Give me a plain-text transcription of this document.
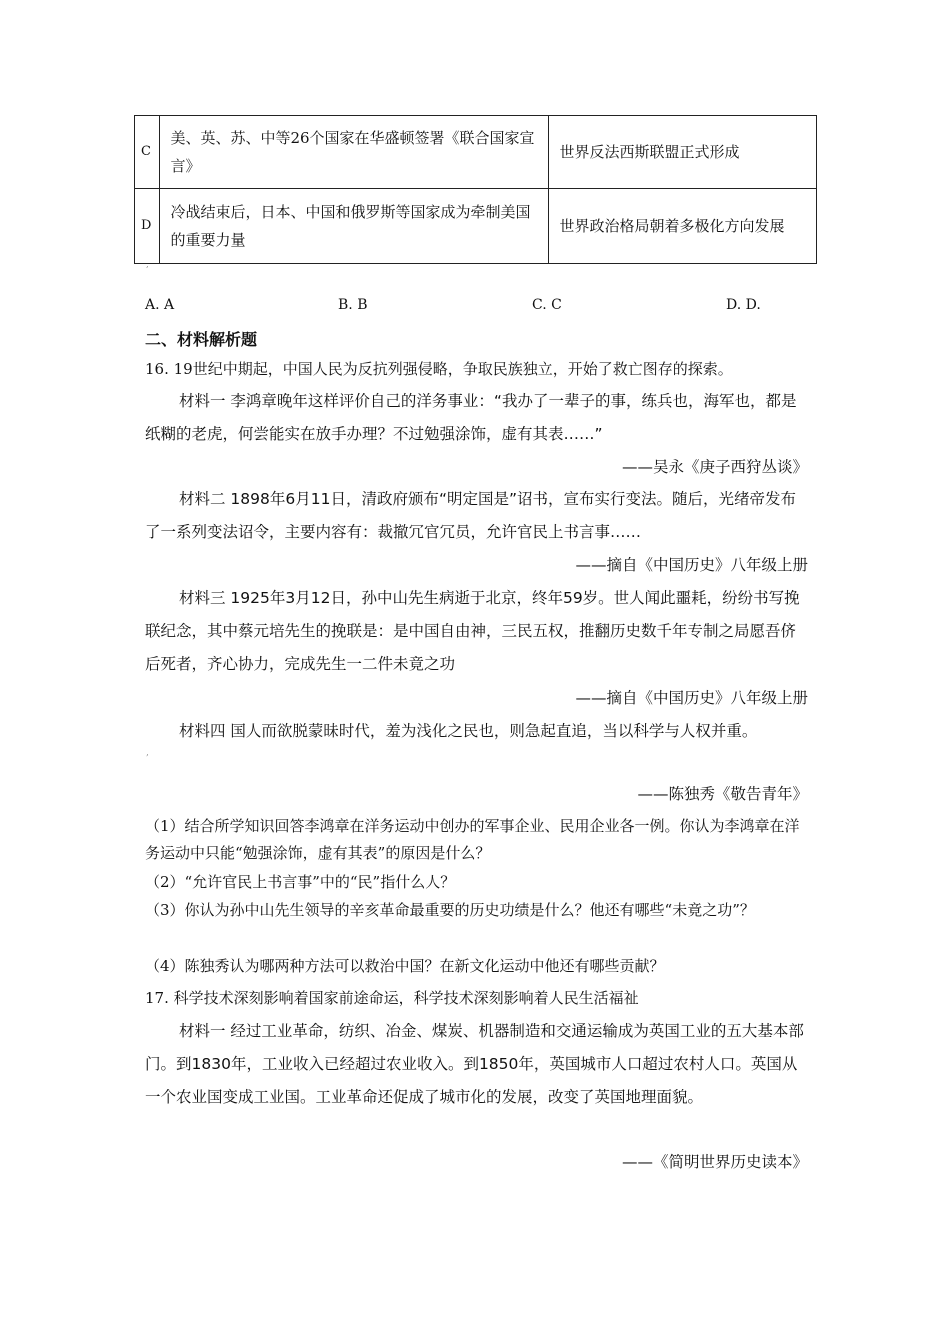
C	美、英、苏、中等26个国家在华盛顿签署《联合国家宣言》	世界反法西斯联盟正式形成
D	冷战结束后，日本、中国和俄罗斯等国家成为牵制美国的重要力量	世界政治格局朝着多极化方向发展
‚
A. A	B. B	C. C	D. D.
二、材料解析题
16. 19世纪中期起，中国人民为反抗列强侵略，争取民族独立，开始了救亡图存的探索。
材料一 李鸿章晚年这样评价自己的洋务事业：“我办了一辈子的事，练兵也，海军也，都是纸糊的老虎，何尝能实在放手办理？不过勉强涂饰，虚有其表……”
——吴永《庚子西狩丛谈》
材料二 1898年6月11日，清政府颁布“明定国是”诏书，宣布实行变法。随后，光绪帝发布了一系列变法诏令，主要内容有：裁撤冗官冗员，允许官民上书言事……
——摘自《中国历史》八年级上册
材料三 1925年3月12日，孙中山先生病逝于北京，终年59岁。世人闻此噩耗，纷纷书写挽联纪念，其中蔡元培先生的挽联是：是中国自由神，三民五权，推翻历史数千年专制之局愿吾侪后死者，齐心协力，完成先生一二件未竟之功
——摘自《中国历史》八年级上册
材料四 国人而欲脱蒙昧时代，羞为浅化之民也，则急起直追，当以科学与人权并重。
‚
——陈独秀《敬告青年》
（1）结合所学知识回答李鸿章在洋务运动中创办的军事企业、民用企业各一例。你认为李鸿章在洋务运动中只能“勉强涂饰，虚有其表”的原因是什么？
（2）“允许官民上书言事”中的“民”指什么人？
（3）你认为孙中山先生领导的辛亥革命最重要的历史功绩是什么？他还有哪些“未竟之功”？
（4）陈独秀认为哪两种方法可以救治中国？在新文化运动中他还有哪些贡献？
17. 科学技术深刻影响着国家前途命运，科学技术深刻影响着人民生活福祉
材料一 经过工业革命，纺织、冶金、煤炭、机器制造和交通运输成为英国工业的五大基本部门。到1830年，工业收入已经超过农业收入。到1850年，英国城市人口超过农村人口。英国从一个农业国变成工业国。工业革命还促成了城市化的发展，改变了英国地理面貌。
——《简明世界历史读本》
